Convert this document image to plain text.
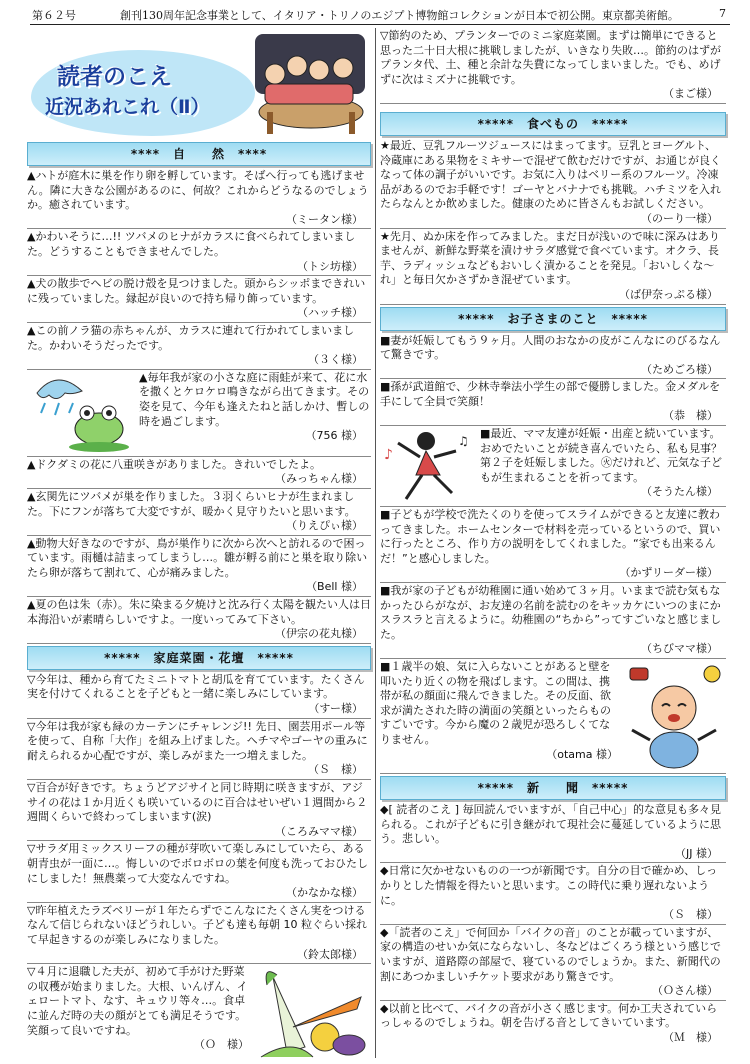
第６２号	創刊130周年記念事業として、イタリア・トリノのエジプト博物館コレクションが日本で初公開。東京都美術館。	7
読者のこえ
近況あれこれ（Ⅱ）
****　自　　然　****
▲ハトが庭木に巣を作り卵を孵しています。そばへ行っても逃げません。隣に大きな公園があるのに、何故？これからどうなるのでしょうか。癒されています。
（ミータン様）
▲かわいそうに…!! ツバメのヒナがカラスに食べられてしまいました。どうすることもできませんでした。
（トシ坊様）
▲犬の散歩でヘビの脱け殻を見つけました。頭からシッポまできれいに残っていました。縁起が良いので持ち帰り飾っています。
（ハッチ様）
▲この前ノラ猫の赤ちゃんが、カラスに連れて行かれてしまいました。かわいそうだったです。
（３く様）
▲毎年我が家の小さな庭に雨蛙が来て、花に水を撒くとケロケロ鳴きながら出てきます。その姿を見て、今年も逢えたねと話しかけ、暫しの時を過ごします。
（756 様）
▲ドクダミの花に八重咲きがありました。きれいでしたよ。
（みっちゃん様）
▲玄関先にツバメが巣を作りました。３羽くらいヒナが生まれました。下にフンが落ちて大変ですが、暖かく見守りたいと思います。
（りえぴぃ様）
▲動物大好きなのですが、鳥が巣作りに次から次へと訪れるので困っています。雨樋は詰まってしまうし…。雛が孵る前にと巣を取り除いたら卵が落ちて割れて、心が痛みました。
（Bell 様）
▲夏の色は朱（赤）。朱に染まる夕焼けと沈み行く太陽を観たい人は日本海沿いが素晴らしいですよ。一度いってみて下さい。
（伊宗の花丸様）
*****　家庭菜園・花壇　*****
▽今年は、種から育てたミニトマトと胡瓜を育てています。たくさん実を付けてくれることを子どもと一緒に楽しみにしています。
（すー様）
▽今年は我が家も緑のカーテンにチャレンジ!! 先日、園芸用ポール等を使って、自称「大作」を組み上げました。ヘチマやゴーヤの重みに耐えられるか心配ですが、楽しみがまた一つ増えました。
（Ｓ　様）
▽百合が好きです。ちょうどアジサイと同じ時期に咲きますが、アジサイの花は１か月近くも咲いているのに百合はせいぜい１週間から２週間くらいで終わってしまいます(涙)
（ころみママ様）
▽サラダ用ミックスリーフの種が芽吹いて楽しみにしていたら、ある朝青虫が一面に…。悔しいのでボロボロの葉を何度も洗っておひたしにしました！無農薬って大変なんですね。
（かなかな様）
▽昨年植えたラズベリーが１年たらずでこんなにたくさん実をつけるなんて信じられないほどうれしい。子ども達も毎朝 10 粒ぐらい採れて早起きするのが楽しみになりました。
（鈴太郎様）
▽４月に退職した夫が、初めて手がけた野菜の収穫が始まりました。大根、いんげん、イェロートマト、なす、キュウリ等々…。食卓に並んだ時の夫の顔がとても満足そうです。笑顔って良いですね。
（Ｏ　様）
▽節約のため、プランターでのミニ家庭菜園。まずは簡単にできると思った二十日大根に挑戦しましたが、いきなり失敗…。節約のはずがプランタ代、土、種と余計な失費になってしまいました。でも、めげずに次はミズナに挑戦です。
（まご様）
*****　食べもの　*****
★最近、豆乳フルーツジュースにはまってます。豆乳とヨーグルト、冷蔵庫にある果物をミキサーで混ぜて飲むだけですが、お通じが良くなって体の調子がいいです。お気に入りはベリー系のフルーツ。冷凍品があるのでお手軽です！ゴーヤとバナナでも挑戦。ハチミツを入れたらなんとか飲めました。健康のために皆さんもお試しください。
（のーり一様）
★先月、ぬか床を作ってみました。まだ日が浅いので味に深みはありませんが、新鮮な野菜を漬けサラダ感覚で食べています。オクラ、長芋、ラディッシュなどもおいしく漬かることを発見。「おいしくな～れ」と毎日欠かさずかき混ぜています。
（ば伊奈っぷる様）
*****　お子さまのこと　*****
■妻が妊娠してもう９ヶ月。人間のおなかの皮がこんなにのびるなんて驚きです。
（ためごろ様）
■孫が武道館で、少林寺拳法小学生の部で優勝しました。金メダルを手にして全員で笑顔！
（恭　様）
♪
♫
■最近、ママ友達が妊娠・出産と続いています。おめでたいことが続き喜んでいたら、私も見事？第２子を妊娠しました。㊋だけれど、元気な子どもが生まれることを祈ってます。
（そうたん様）
■子どもが学校で洗たくのりを使ってスライムができると友達に教わってきました。ホームセンターで材料を売っているというので、買いに行ったところ、作り方の説明をしてくれました。“家でも出来るんだ！”と感心しました。
（かずリーダー様）
■我が家の子どもが幼稚園に通い始めて３ヶ月。いままで読む気もなかったひらがなが、お友達の名前を読むのをキッカケにいつのまにかスラスラと言えるように。幼稚園の“ちから”ってすごいなと感じました。
（ちびママ様）
■１歳半の娘、気に入らないことがあると壁を叩いたり近くの物を飛ばします。この間は、携帯が私の顔面に飛んできました。その反面、欲求が満たされた時の満面の笑顔といったらものすごいです。今から魔の２歳児が恐ろしくてなりません。
（otama 様）
*****　新　　聞　*****
◆[ 読者のこえ ] 毎回読んでいますが、「自己中心」的な意見も多々見られる。これが子どもに引き継がれて現社会に蔓延しているように思う。悲しい。
（JJ 様）
◆日常に欠かせないものの一つが新聞です。自分の目で確かめ、しっかりとした情報を得たいと思います。この時代に乗り遅れないように。
（Ｓ　様）
◆「読者のこえ」で何回か「バイクの音」のことが載っていますが、家の構造のせいか気にならないし、冬などはごくろう様という感じでいますが、道路際の部屋で、寝ているのでしょうか。また、新聞代の割にあつかましいチケット要求があり驚きです。
（Ｏさん様）
◆以前と比べて、バイクの音が小さく感じます。何か工夫されていらっしゃるのでしょうね。朝を告げる音としてきいています。
（Ｍ　様）
